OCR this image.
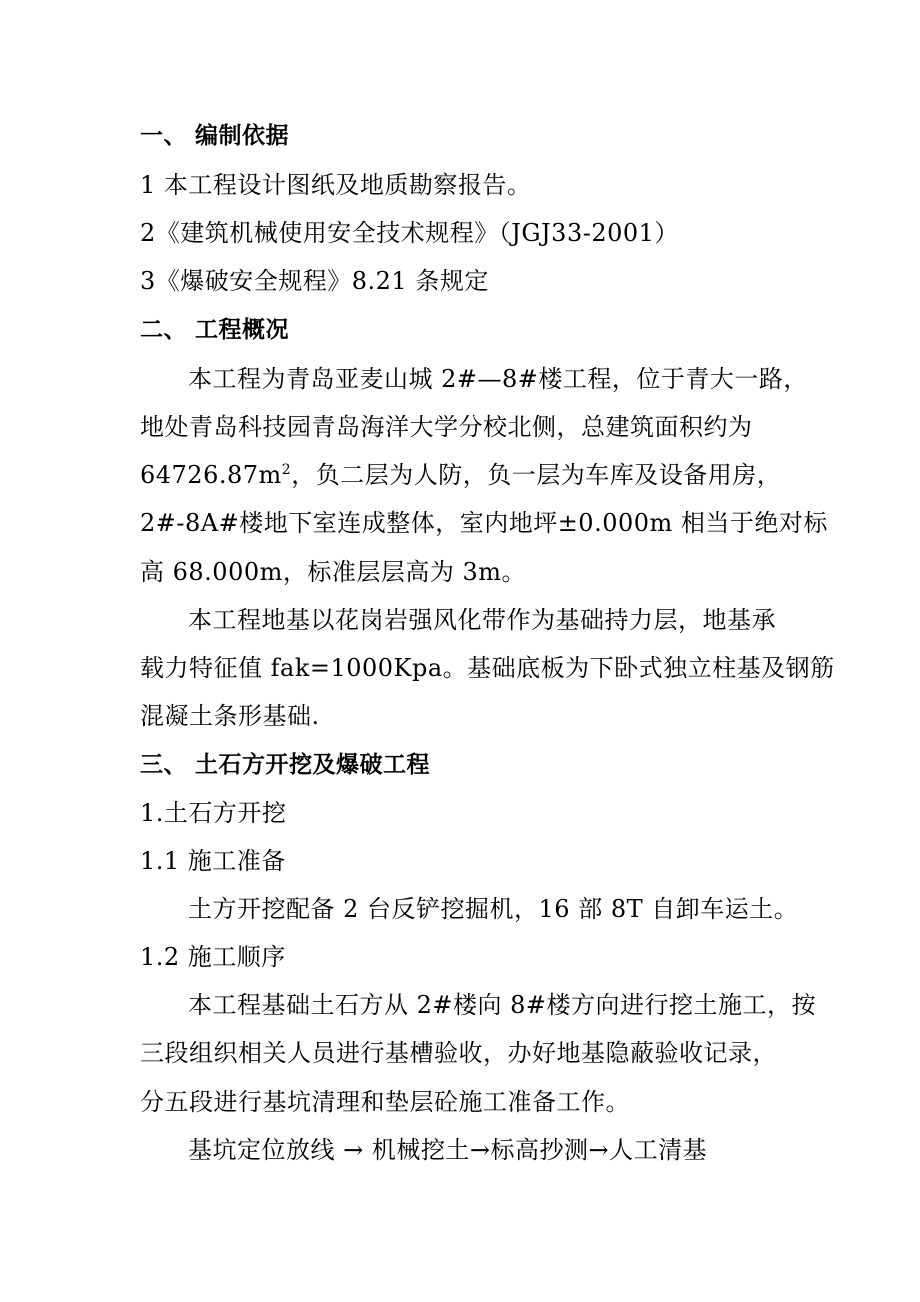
一、 编制依据
1 本工程设计图纸及地质勘察报告。
2《建筑机械使用安全技术规程》（JGJ33-2001）
3《爆破安全规程》8.21 条规定
二、 工程概况
本工程为青岛亚麦山城 2#—8#楼工程，位于青大一路，
地处青岛科技园青岛海洋大学分校北侧，总建筑面积约为
$64726.87m^2$，负二层为人防，负一层为车库及设备用房，
2#-8A#楼地下室连成整体，室内地坪±0.000m 相当于绝对标
高 68.000m，标准层层高为 3m。
本工程地基以花岗岩强风化带作为基础持力层，地基承
载力特征值 fak=1000Kpa。基础底板为下卧式独立柱基及钢筋
混凝土条形基础.
三、 土石方开挖及爆破工程
1.土石方开挖
1.1 施工准备
土方开挖配备 2 台反铲挖掘机，16 部 8T 自卸车运土。
1.2 施工顺序
本工程基础土石方从 2#楼向 8#楼方向进行挖土施工，按
三段组织相关人员进行基槽验收，办好地基隐蔽验收记录，
分五段进行基坑清理和垫层砼施工准备工作。
基坑定位放线 → 机械挖土→标高抄测→人工清基
